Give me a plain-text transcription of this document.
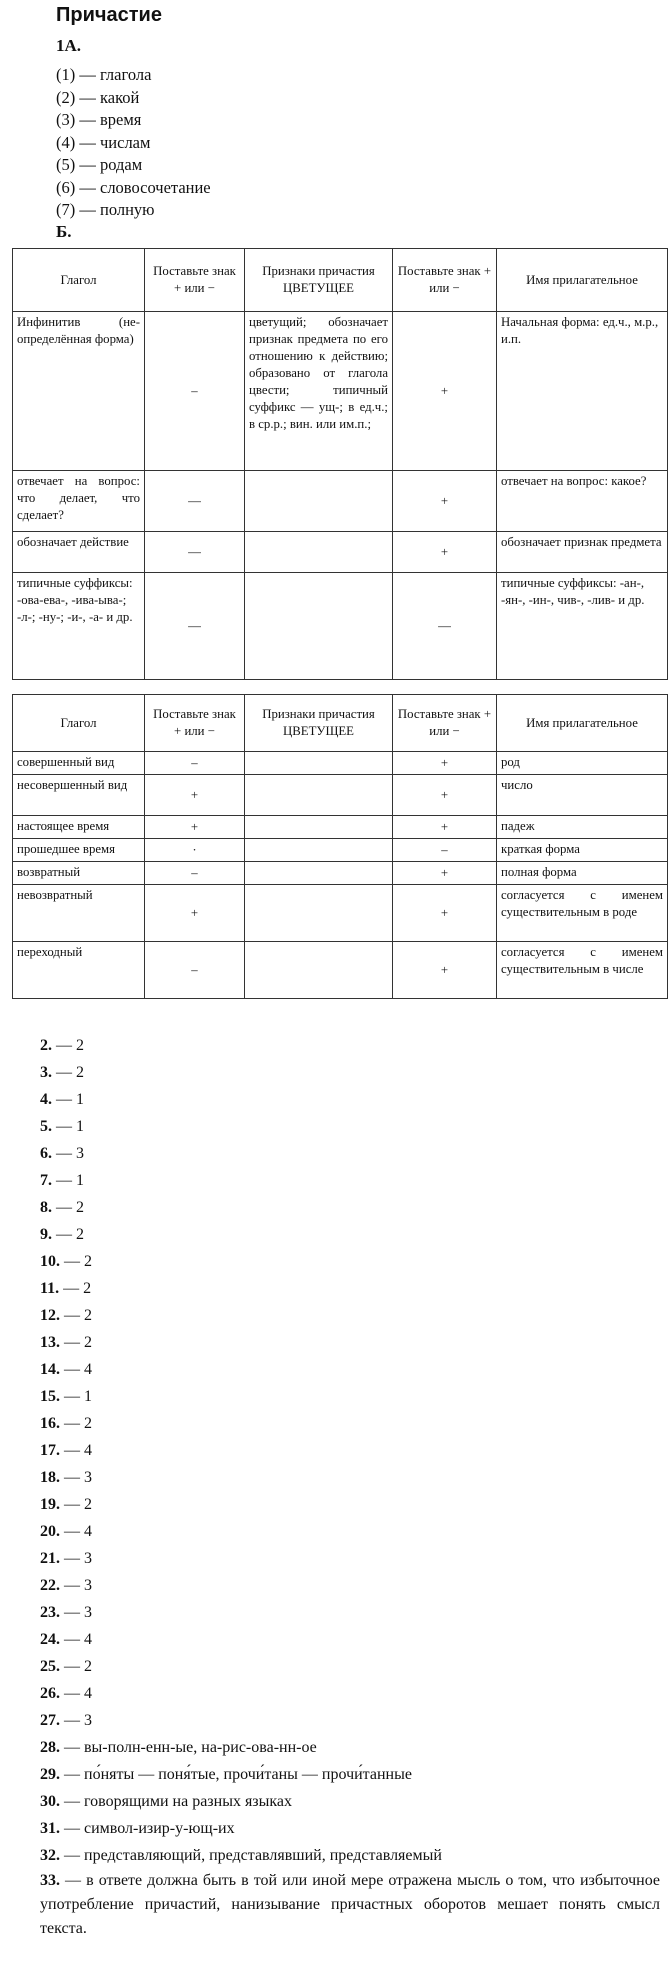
Причастие
1А.
(1) — глагола
(2) — какой
(3) — время
(4) — числам
(5) — родам
(6) — словосочетание
(7) — полную
Б.
Глагол	Поставьте знак + или −	Признаки причастия ЦВЕТУЩЕЕ	Поставьте знак + или −	Имя прилагательное
Инфинитив (не-определённая форма)	–	цветущий; обозначает признак предмета по его отношению к действию; образовано от глагола цвести; типичный суффикс — ущ-; в ед.ч.; в ср.р.; вин. или им.п.;	+	Начальная форма: ед.ч., м.р., и.п.
отвечает на вопрос: что делает, что сделает?	—		+	отвечает на вопрос: какое?
обозначает действие	—		+	обозначает признак предмета
типичные суффиксы: -ова-ева-, -ива-ыва-; -л-; -ну-; -и-, -а- и др.	—		—	типичные суффиксы: -ан-, -ян-, -ин-, чив-, -лив- и др.
Глагол	Поставьте знак + или −	Признаки причастия ЦВЕТУЩЕЕ	Поставьте знак + или −	Имя прилагательное
совершенный вид	–		+	род
несовершенный вид	+		+	число
настоящее время	+		+	падеж
прошедшее время	·		–	краткая форма
возвратный	–		+	полная форма
невозвратный	+		+	согласуется с именем существительным в роде
переходный	–		+	согласуется с именем существительным в числе
2. — 2
3. — 2
4. — 1
5. — 1
6. — 3
7. — 1
8. — 2
9. — 2
10. — 2
11. — 2
12. — 2
13. — 2
14. — 4
15. — 1
16. — 2
17. — 4
18. — 3
19. — 2
20. — 4
21. — 3
22. — 3
23. — 3
24. — 4
25. — 2
26. — 4
27. — 3
28. — вы-полн-енн-ые, на-рис-ова-нн-ое
29. — по́няты — поня́тые, прочи́таны — прочи́танные
30. — говорящими на разных языках
31. — символ-изир-у-ющ-их
32. — представляющий, представлявший, представляемый
33. — в ответе должна быть в той или иной мере отражена мысль о том, что избыточное употребление причастий, нанизывание причастных оборотов мешает понять смысл текста.
